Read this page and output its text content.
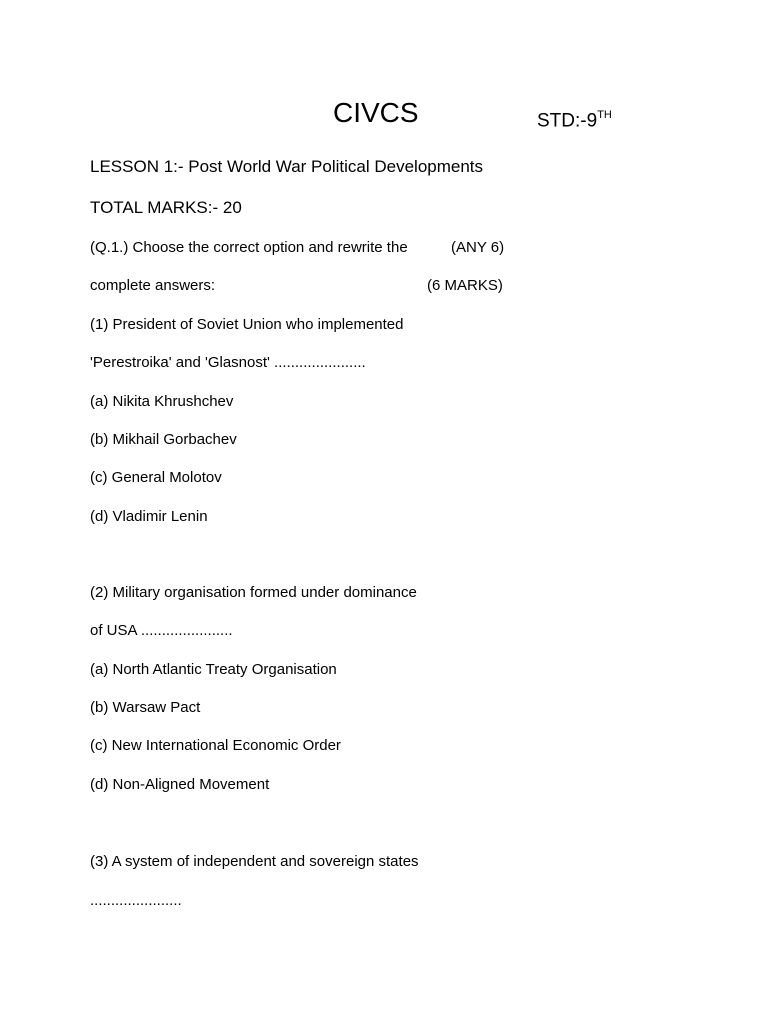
CIVCS	STD:-9TH
LESSON 1:- Post World War Political Developments
TOTAL MARKS:- 20
(Q.1.) Choose the correct option and rewrite the	(ANY 6)
complete answers:	(6 MARKS)
(1) President of Soviet Union who implemented
'Perestroika' and 'Glasnost' ......................
(a) Nikita Khrushchev
(b) Mikhail Gorbachev
(c) General Molotov
(d) Vladimir Lenin
(2) Military organisation formed under dominance
of USA ......................
(a) North Atlantic Treaty Organisation
(b) Warsaw Pact
(c) New International Economic Order
(d) Non-Aligned Movement
(3) A system of independent and sovereign states
......................
